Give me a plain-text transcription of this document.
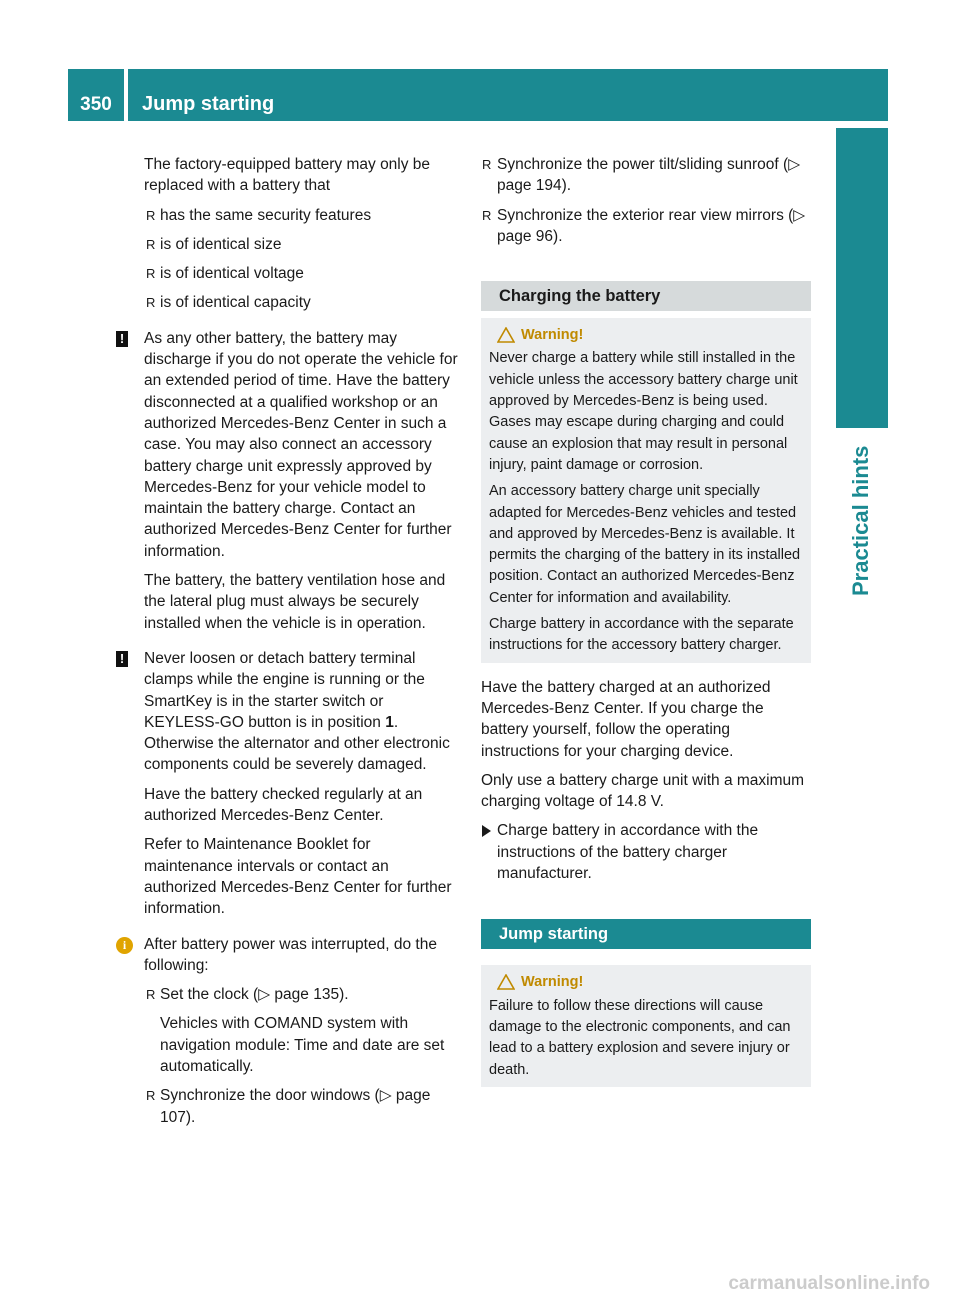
350	Jump starting
Practical hints

The factory-equipped battery may only be replaced with a battery that

R has the same security features
R is of identical size
R is of identical voltage
R is of identical capacity
! As any other battery, the battery may discharge if you do not operate the vehicle for an extended period of time. Have the battery disconnected at a qualified workshop or an authorized Mercedes-Benz Center in such a case. You may also connect an accessory battery charge unit expressly approved by Mercedes-Benz for your vehicle model to maintain the battery charge. Contact an authorized Mercedes-Benz Center for further information.

The battery, the battery ventilation hose and the lateral plug must always be securely installed when the vehicle is in operation.

! Never loosen or detach battery terminal clamps while the engine is running or the SmartKey is in the starter switch or KEYLESS-GO button is in position 1. Otherwise the alternator and other electronic components could be severely damaged.

Have the battery checked regularly at an authorized Mercedes-Benz Center.

Refer to Maintenance Booklet for maintenance intervals or contact an authorized Mercedes-Benz Center for further information.

i	After battery power was interrupted, do the following:

R Set the clock (▷ page 135).

Vehicles with COMAND system with navigation module: Time and date are set automatically.

R Synchronize the door windows (▷ page 107).
R Synchronize the power tilt/sliding sunroof (▷ page 194).
R Synchronize the exterior rear view mirrors (▷ page 96).
Charging the battery
Warning!

Never charge a battery while still installed in the vehicle unless the accessory battery charge unit approved by Mercedes-Benz is being used. Gases may escape during charging and could cause an explosion that may result in personal injury, paint damage or corrosion.

An accessory battery charge unit specially adapted for Mercedes-Benz vehicles and tested and approved by Mercedes-Benz is available. It permits the charging of the battery in its installed position. Contact an authorized Mercedes-Benz Center for information and availability.

Charge battery in accordance with the separate instructions for the accessory battery charger.

Have the battery charged at an authorized Mercedes-Benz Center. If you charge the battery yourself, follow the operating instructions for your charging device.

Only use a battery charge unit with a maximum charging voltage of 14.8 V.

Charge battery in accordance with the instructions of the battery charger manufacturer.

Jump starting
Warning!

Failure to follow these directions will cause damage to the electronic components, and can lead to a battery explosion and severe injury or death.

carmanualsonline.info
